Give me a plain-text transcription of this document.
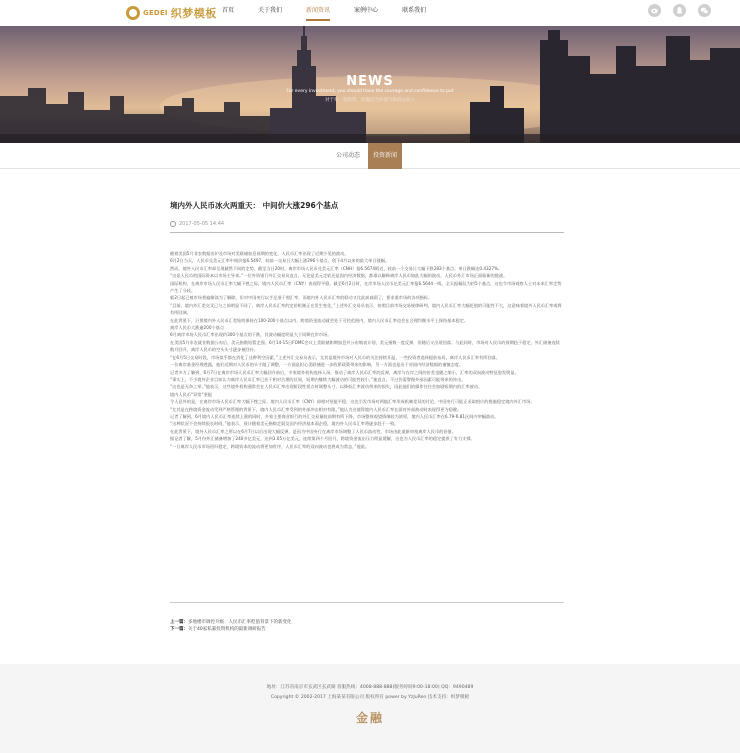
GEDEI 织梦模板 首页	关于我们	新闻资讯	案例中心	联系我们
NEWS
For every investment, you should have the courage and confidence to put
对于每一笔投资，你都应当有勇气和信心投入
公司动态	投资新闻
境内外人民币冰火两重天： 中间价大涨296个基点
2017-05-05 14:44

随着美国5月非农数据出炉及市场对美联储加息预期的变化，人民币汇率出现了近期少见的波动。

6月2日当天，人民币兑美元汇率中间价报6.5497，较前一交易日大幅上涨296个基点，创下4月以来的最大单日涨幅。

然而，境外人民币汇率却呈现截然不同的走势。截至当日20时，离岸市场人民币兑美元汇率（CNH）报6.5674附近，较前一个交易日大幅下跌283个基点，单日跌幅达0.4327%。

“这是人民币的国际资本以市场主导来。”一位外资银行外汇交易员直言，无论是美元走软还是国内经济数据，都难以解释离岸人民币如此大幅的波动，人民币外汇市场正面临新的挑战。

国际机构，在离岸市场人民币汇率大幅下挫之际，境内人民币汇率（CNY）表现得平稳。截至6月2日时，在岸市场人民币兑美元汇率报6.5644一线，全天振幅仅为约5个基点，这也令市场观察人士对未来汇率走势产生了分歧。

临2日起已被市场普遍解读为了解除，但对中国央行以手足准于照汇率，而境内外人民币汇率的联动又比此前减弱了，要求重市场的各项指标。

“目前，境内外汇差交叉已与之前明显不同了，离岸人民币汇率的定价机制正在发生变化，”上述外汇交易员表示，按照目前市场交易规律研判，境内人民币汇率大幅贬值的可能性不大，这意味着境外人民币汇率或将有所回调。

在此背景下，只要境内外人民币汇差始终保持在100-200个基点以内，跨境资金流动就会处于可控范围内，境内人民币汇率也会在合理均衡水平上保持基本稳定。

离岸人民币大跌逾200个基点

6月离岸市场人民币汇率出现约300个基点的下跌，其波动幅度明显大于同期在岸市场。

在美国5月非农就业数据公布后，美元指数短暂走强，6月14-15日FOMC会议上美联储如期加息并公布缩表计划，美元指数一度反弹，但随后又出现回落；与此同时，市场对人民币的预期趋于稳定，外汇储备连续数月回升，离岸人民币的空头头寸逐步被回补。

“在6月5日交易时段，市场似乎都在消化了这种利空因素，”上述外汇交易员表示，尤其是境外市场对人民币的关注持续升温，一些投资者选择提前布局，离岸人民币汇率有所回落。

一位离岸基金经理透露，他们近期对人民币的头寸做了调整，一方面是担心美联储进一步收紧政策带来的影响，另一方面也是出于对国内经济数据的谨慎态度。

记者多方了解到，6月7日在离岸市场人民币汇率大幅回升前后，多家境外机构选择入场，推动了离岸人民币汇率的反弹，离岸与在岸之间的价差也随之缩小，汇率的双向波动特征愈发明显。

“事实上，不少境外企业目前认为离岸人民币汇率已处于相对合理的区间，短期内继续大幅波动的可能性较小，”他直言，不过仍需警惕外部因素可能带来的冲击。

“这也是无奈之举，”他表示，这些境外机构通常会在人民币汇率出现阶段性拐点时调整头寸，以降低汇率波动带来的损失，因此他们的操作往往会加剧短期内的汇率波动。

境内人民币“异常”坚挺

令人意外的是，在离岸市场人民币汇率大幅下挫之际，境内人民币汇率（CNY）却相对坚挺平稳，这也引发市场对两地汇率形成机制差异的讨论。中国央行可能正采取相应的措施稳定境内外汇市场。

“尤其是在跨境资金流动受到严格管理的背景下，境内人民币汇率受到的外部冲击相对有限，”他认为这使得境内人民币汇率在面对外部波动时表现得更为稳健。

记者了解到，6月境内人民币汇率连续上涨的同时，多家主要商业银行的外汇交易量较前期有所下降，市场整体观望情绪较为浓厚，境内人民币汇率在6.79-6.81区间内窄幅波动。

“这种状况不会持续很长时间，”他表示，预计随着美元指数走弱及国内经济基本面企稳，境内外人民币汇率将逐步趋于一致。

在此背景下，境外人民币汇率之所以在6月7日以后出现大幅反弹，是因为中国央行在离岸市场调整了人民币流动性，市场由此重新审视离岸人民币的价值。

据记者了解，5月份外汇储备增加了240多亿美元，达到3.05万亿美元，连续第四个月回升，跨境资金流出压力明显缓解，这也为人民币汇率的稳定提供了有力支撑。

“一旦离岸人民币市场回归稳定，跨境资本的流动将更加有序，人民币汇率的双向波动也将成为常态，”他说。

上一篇：多地楼市调控升级：人民币汇率贬值背景下的新变化
下一篇：关于40家私募投资机构的最新调研报告
地址：江苏省南京市玄武区玄武湖 客服热线：4008-888-888(服务时间9:00-18:00) QQ：9490489
Copyright © 2002-2017 上海某某有限公司 版权所有 power by YzJuRen 技术支持：织梦模板
金融
